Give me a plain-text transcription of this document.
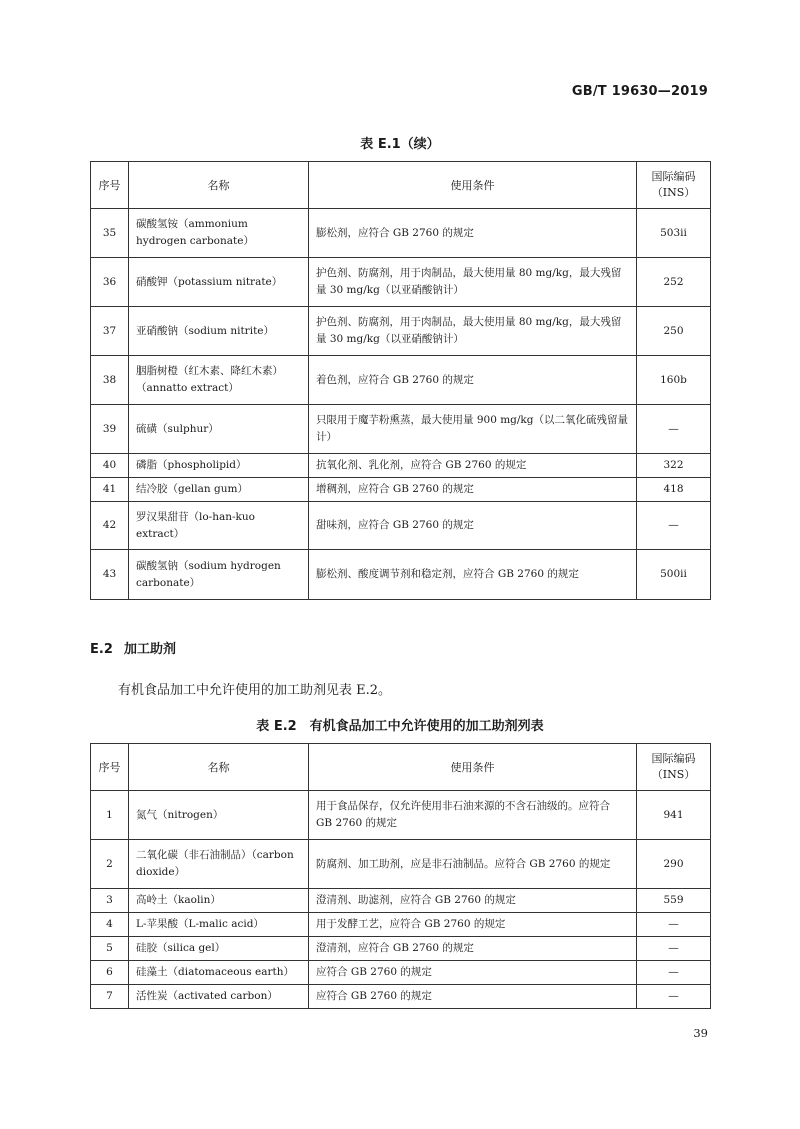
GB/T 19630—2019
表 E.1（续）
序号	名称	使用条件	国际编码
（INS）
35	碳酸氢铵（ammonium hydrogen carbonate）	膨松剂，应符合 GB 2760 的规定	503ii
36	硝酸钾（potassium nitrate）	护色剂、防腐剂，用于肉制品，最大使用量 80 mg/kg，最大残留量 30 mg/kg（以亚硝酸钠计）	252
37	亚硝酸钠（sodium nitrite）	护色剂、防腐剂，用于肉制品，最大使用量 80 mg/kg，最大残留量 30 mg/kg（以亚硝酸钠计）	250
38	胭脂树橙（红木素、降红木素）（annatto extract）	着色剂，应符合 GB 2760 的规定	160b
39	硫磺（sulphur）	只限用于魔芋粉熏蒸，最大使用量 900 mg/kg（以二氧化硫残留量计）	—
40	磷脂（phospholipid）	抗氧化剂、乳化剂，应符合 GB 2760 的规定	322
41	结冷胶（gellan gum）	增稠剂，应符合 GB 2760 的规定	418
42	罗汉果甜苷（lo-han-kuo extract）	甜味剂，应符合 GB 2760 的规定	—
43	碳酸氢钠（sodium hydrogen carbonate）	膨松剂、酸度调节剂和稳定剂，应符合 GB 2760 的规定	500ii
E.2 加工助剂
有机食品加工中允许使用的加工助剂见表 E.2。
表 E.2　有机食品加工中允许使用的加工助剂列表
序号	名称	使用条件	国际编码
（INS）
1	氮气（nitrogen）	用于食品保存，仅允许使用非石油来源的不含石油级的。应符合 GB 2760 的规定	941
2	二氧化碳（非石油制品）（carbon dioxide）	防腐剂、加工助剂，应是非石油制品。应符合 GB 2760 的规定	290
3	高岭土（kaolin）	澄清剂、助滤剂，应符合 GB 2760 的规定	559
4	L-苹果酸（L-malic acid）	用于发酵工艺，应符合 GB 2760 的规定	—
5	硅胶（silica gel）	澄清剂，应符合 GB 2760 的规定	—
6	硅藻土（diatomaceous earth）	应符合 GB 2760 的规定	—
7	活性炭（activated carbon）	应符合 GB 2760 的规定	—
39
